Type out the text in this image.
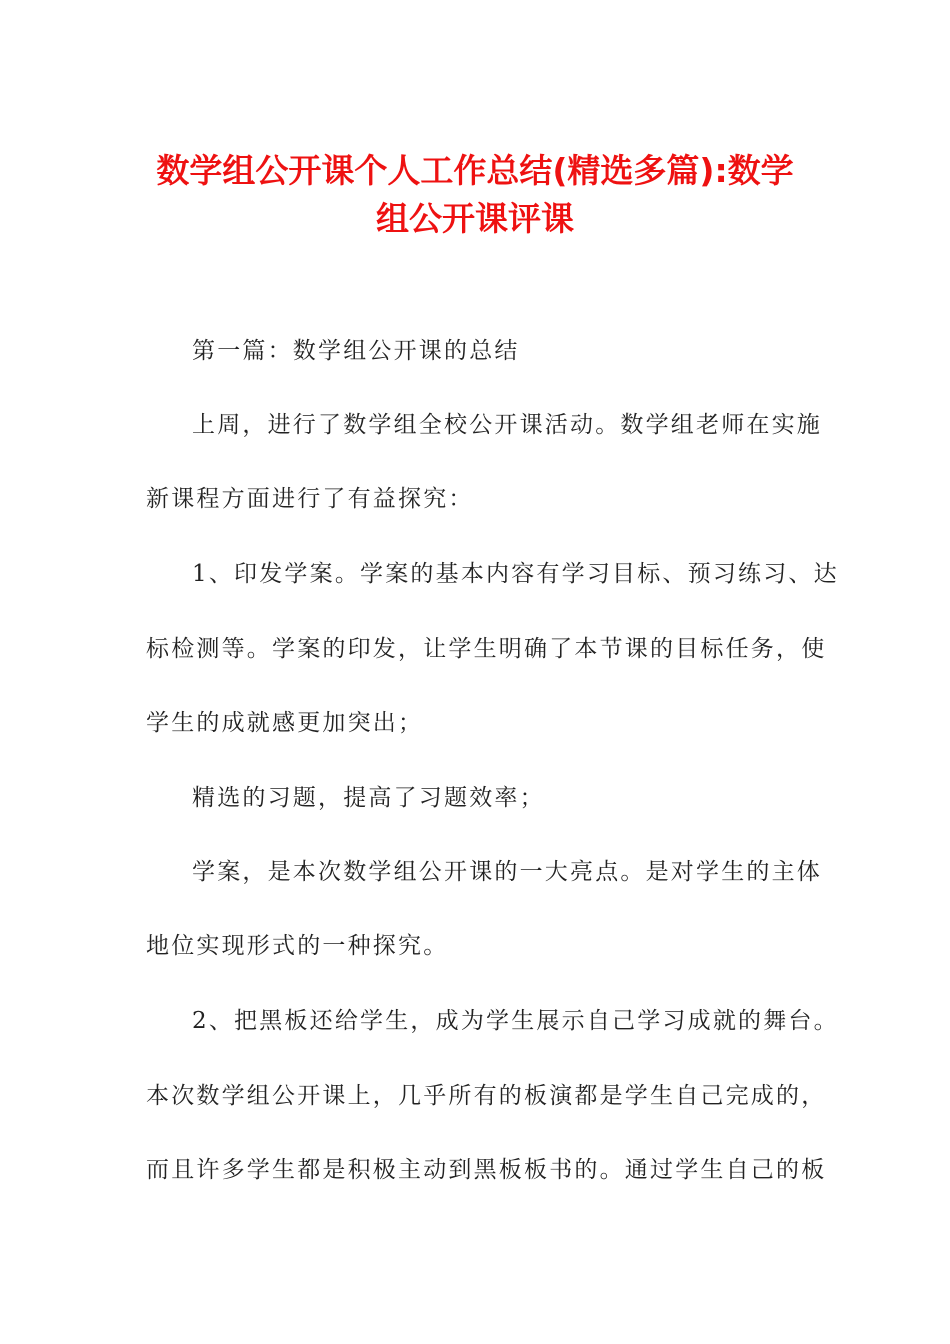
数学组公开课个人工作总结(精选多篇):数学
组公开课评课
第一篇：数学组公开课的总结
上周，进行了数学组全校公开课活动。数学组老师在实施
新课程方面进行了有益探究：
1、印发学案。学案的基本内容有学习目标、预习练习、达
标检测等。学案的印发，让学生明确了本节课的目标任务，使
学生的成就感更加突出；
精选的习题，提高了习题效率；
学案，是本次数学组公开课的一大亮点。是对学生的主体
地位实现形式的一种探究。
2、把黑板还给学生，成为学生展示自己学习成就的舞台。
本次数学组公开课上，几乎所有的板演都是学生自己完成的，
而且许多学生都是积极主动到黑板板书的。通过学生自己的板
